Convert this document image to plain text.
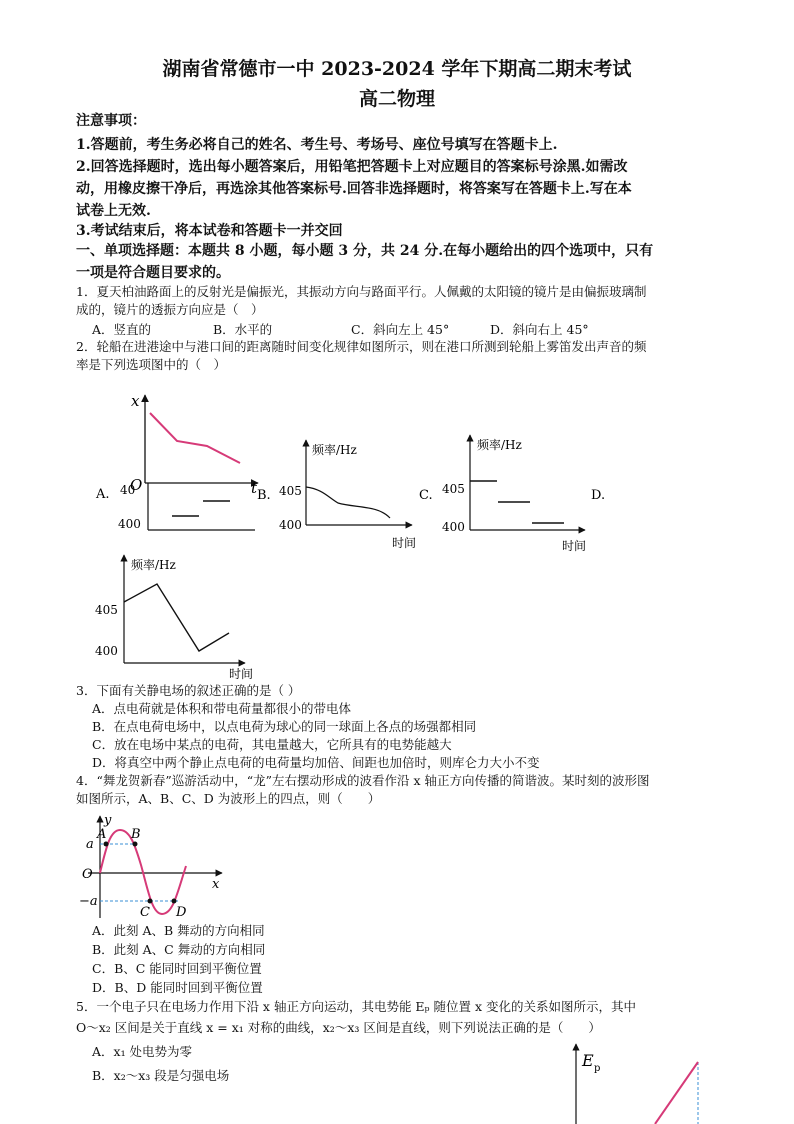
湖南省常德市一中 2023-2024 学年下期高二期末考试
高二物理
注意事项：
1.答题前，考生务必将自己的姓名、考生号、考场号、座位号填写在答题卡上.
2.回答选择题时，选出每小题答案后，用铅笔把答题卡上对应题目的答案标号涂黑.如需改
动，用橡皮擦干净后，再选涂其他答案标号.回答非选择题时，将答案写在答题卡上.写在本
试卷上无效.
3.考试结束后，将本试卷和答题卡一并交回
一、单项选择题：本题共 8 小题，每小题 3 分，共 24 分.在每小题给出的四个选项中，只有
一项是符合题目要求的。
1．夏天柏油路面上的反射光是偏振光，其振动方向与路面平行。人佩戴的太阳镜的镜片是由偏振玻璃制
成的，镜片的透振方向应是（　）
A．竖直的	B．水平的	C．斜向左上 45°	D．斜向右上 45°
2．轮船在进港途中与港口间的距离随时间变化规律如图所示，则在港口所测到轮船上雾笛发出声音的频
率是下列选项图中的（　）
x
O	t
A. 40
400
B.
频率/Hz
405
400
时间
C.
频率/Hz
405
400
时间
D.
频率/Hz
405
400
时间
3．下面有关静电场的叙述正确的是（ ）
A．点电荷就是体积和带电荷量都很小的带电体
B．在点电荷电场中，以点电荷为球心的同一球面上各点的场强都相同
C．放在电场中某点的电荷，其电量越大，它所具有的电势能越大
D．将真空中两个静止点电荷的电荷量均加倍、间距也加倍时，则库仑力大小不变
4．“舞龙贺新春”巡游活动中，“龙”左右摆动形成的波看作沿 x 轴正方向传播的简谐波。某时刻的波形图
如图所示，A、B、C、D 为波形上的四点，则（　　）
y
A B
a
O
x
−a
C D
A．此刻 A、B 舞动的方向相同
B．此刻 A、C 舞动的方向相同
C．B、C 能同时回到平衡位置
D．B、D 能同时回到平衡位置
5．一个电子只在电场力作用下沿 x 轴正方向运动，其电势能 Eₚ 随位置 x 变化的关系如图所示，其中
O～x₂ 区间是关于直线 x = x₁ 对称的曲线，x₂～x₃ 区间是直线，则下列说法正确的是（　　）
A．x₁ 处电势为零
B．x₂～x₃ 段是匀强电场
E p
